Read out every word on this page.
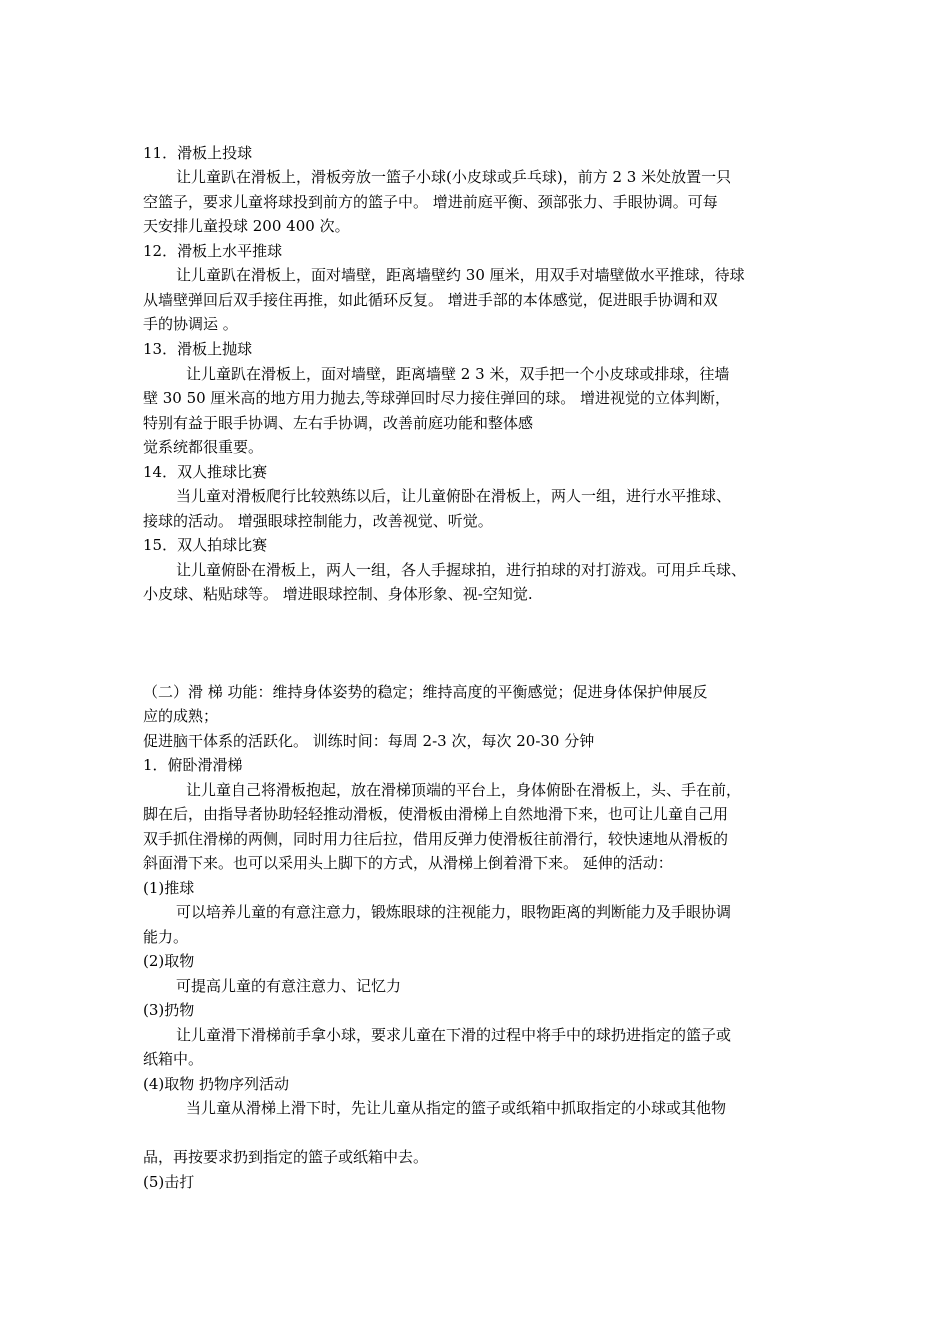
11．滑板上投球
让儿童趴在滑板上，滑板旁放一篮子小球(小皮球或乒乓球)，前方 2 3 米处放置一只
空篮子，要求儿童将球投到前方的篮子中。 增进前庭平衡、颈部张力、手眼协调。可每
天安排儿童投球 200 400 次。
12．滑板上水平推球
让儿童趴在滑板上，面对墙壁，距离墙壁约 30 厘米，用双手对墙壁做水平推球，待球
从墙壁弹回后双手接住再推，如此循环反复。 增进手部的本体感觉，促进眼手协调和双
手的协调运 。
13．滑板上抛球
让儿童趴在滑板上，面对墙壁，距离墙壁 2 3 米，双手把一个小皮球或排球，往墙
壁 30 50 厘米高的地方用力抛去,等球弹回时尽力接住弹回的球。 增进视觉的立体判断，
特别有益于眼手协调、左右手协调，改善前庭功能和整体感
觉系统都很重要。
14．双人推球比赛
当儿童对滑板爬行比较熟练以后，让儿童俯卧在滑板上，两人一组，进行水平推球、
接球的活动。 增强眼球控制能力，改善视觉、听觉。
15．双人拍球比赛
让儿童俯卧在滑板上，两人一组，各人手握球拍，进行拍球的对打游戏。可用乒乓球、
小皮球、粘贴球等。 增进眼球控制、身体形象、视-空知觉.
（二）滑 梯 功能：维持身体姿势的稳定；维持高度的平衡感觉；促进身体保护伸展反
应的成熟；
促进脑干体系的活跃化。 训练时间：每周 2-3 次，每次 20-30 分钟
1．俯卧滑滑梯
让儿童自己将滑板抱起，放在滑梯顶端的平台上，身体俯卧在滑板上，头、手在前，
脚在后，由指导者协助轻轻推动滑板，使滑板由滑梯上自然地滑下来，也可让儿童自己用
双手抓住滑梯的两侧，同时用力往后拉，借用反弹力使滑板往前滑行，较快速地从滑板的
斜面滑下来。也可以采用头上脚下的方式，从滑梯上倒着滑下来。 延伸的活动：
(1)推球
可以培养儿童的有意注意力，锻炼眼球的注视能力，眼物距离的判断能力及手眼协调
能力。
(2)取物
可提高儿童的有意注意力、记忆力
(3)扔物
让儿童滑下滑梯前手拿小球，要求儿童在下滑的过程中将手中的球扔进指定的篮子或
纸箱中。
(4)取物 扔物序列活动
当儿童从滑梯上滑下时，先让儿童从指定的篮子或纸箱中抓取指定的小球或其他物
品，再按要求扔到指定的篮子或纸箱中去。
(5)击打
